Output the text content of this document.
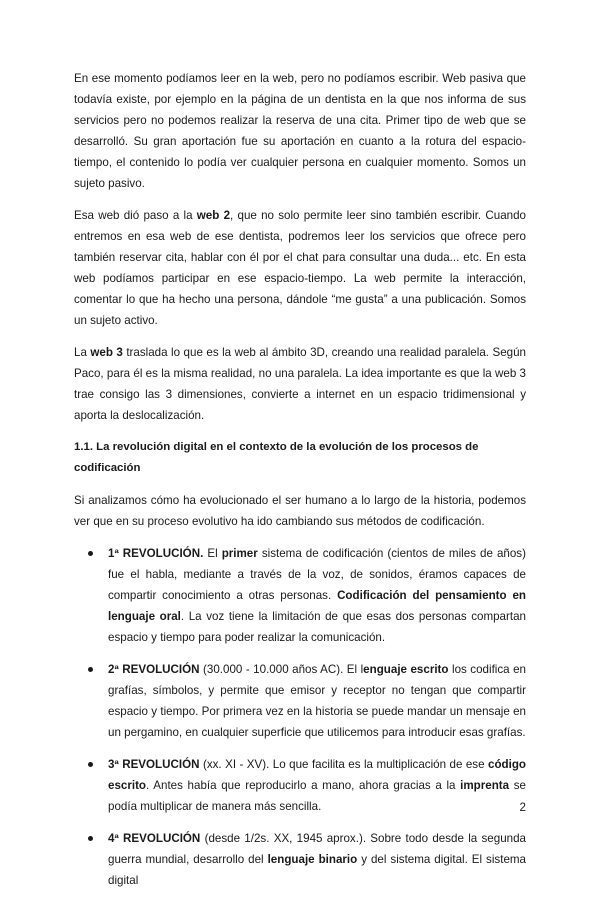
En ese momento podíamos leer en la web, pero no podíamos escribir. Web pasiva que todavía existe, por ejemplo en la página de un dentista en la que nos informa de sus servicios pero no podemos realizar la reserva de una cita. Primer tipo de web que se desarrolló. Su gran aportación fue su aportación en cuanto a la rotura del espacio-tiempo, el contenido lo podía ver cualquier persona en cualquier momento. Somos un sujeto pasivo.

Esa web dió paso a la web 2, que no solo permite leer sino también escribir. Cuando entremos en esa web de ese dentista, podremos leer los servicios que ofrece pero también reservar cita, hablar con él por el chat para consultar una duda... etc. En esta web podíamos participar en ese espacio-tiempo. La web permite la interacción, comentar lo que ha hecho una persona, dándole “me gusta” a una publicación. Somos un sujeto activo.

La web 3 traslada lo que es la web al ámbito 3D, creando una realidad paralela. Según Paco, para él es la misma realidad, no una paralela. La idea importante es que la web 3 trae consigo las 3 dimensiones, convierte a internet en un espacio tridimensional y aporta la deslocalización.

1.1. La revolución digital en el contexto de la evolución de los procesos de codificación

Si analizamos cómo ha evolucionado el ser humano a lo largo de la historia, podemos ver que en su proceso evolutivo ha ido cambiando sus métodos de codificación.

1ª REVOLUCIÓN. El primer sistema de codificación (cientos de miles de años) fue el habla, mediante a través de la voz, de sonidos, éramos capaces de compartir conocimiento a otras personas. Codificación del pensamiento en lenguaje oral. La voz tiene la limitación de que esas dos personas compartan espacio y tiempo para poder realizar la comunicación.
2ª REVOLUCIÓN (30.000 - 10.000 años AC). El lenguaje escrito los codifica en grafías, símbolos, y permite que emisor y receptor no tengan que compartir espacio y tiempo. Por primera vez en la historia se puede mandar un mensaje en un pergamino, en cualquier superficie que utilicemos para introducir esas grafías.
3ª REVOLUCIÓN (xx. XI - XV). Lo que facilita es la multiplicación de ese código escrito. Antes había que reproducirlo a mano, ahora gracias a la imprenta se podía multiplicar de manera más sencilla.
4ª REVOLUCIÓN (desde 1/2s. XX, 1945 aprox.). Sobre todo desde la segunda guerra mundial, desarrollo del lenguaje binario y del sistema digital. El sistema digital
2
